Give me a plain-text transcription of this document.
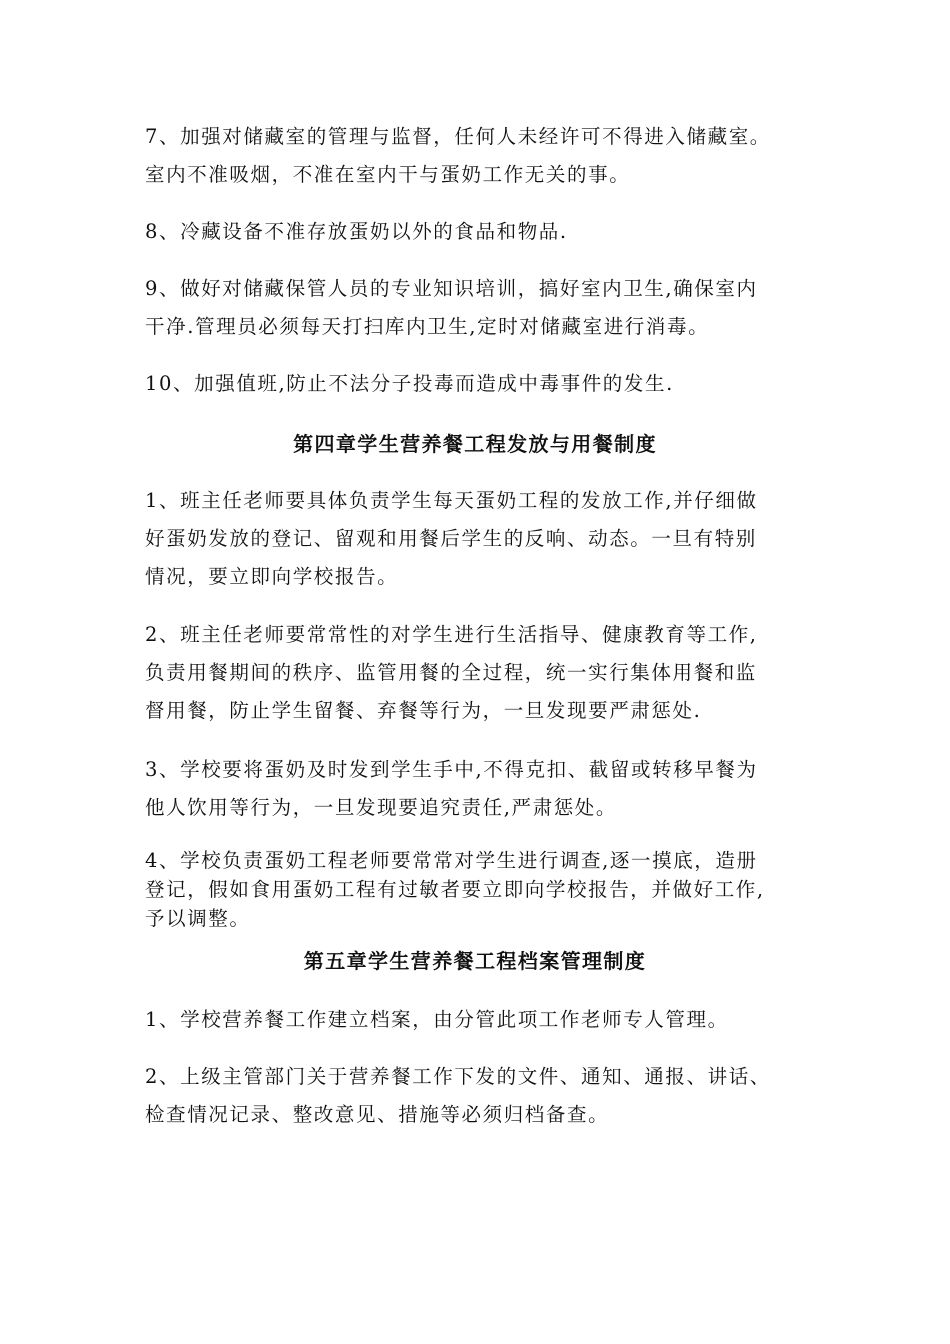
7、加强对储藏室的管理与监督，任何人未经许可不得进入储藏室。
室内不准吸烟，不准在室内干与蛋奶工作无关的事。
8、冷藏设备不准存放蛋奶以外的食品和物品.
9、做好对储藏保管人员的专业知识培训，搞好室内卫生,确保室内
干净.管理员必须每天打扫库内卫生,定时对储藏室进行消毒。
10、加强值班,防止不法分子投毒而造成中毒事件的发生.
第四章学生营养餐工程发放与用餐制度
1、班主任老师要具体负责学生每天蛋奶工程的发放工作,并仔细做
好蛋奶发放的登记、留观和用餐后学生的反响、动态。一旦有特别
情况，要立即向学校报告。
2、班主任老师要常常性的对学生进行生活指导、健康教育等工作,
负责用餐期间的秩序、监管用餐的全过程，统一实行集体用餐和监
督用餐，防止学生留餐、弃餐等行为，一旦发现要严肃惩处.
3、学校要将蛋奶及时发到学生手中,不得克扣、截留或转移早餐为
他人饮用等行为，一旦发现要追究责任,严肃惩处。
4、学校负责蛋奶工程老师要常常对学生进行调查,逐一摸底，造册
登记，假如食用蛋奶工程有过敏者要立即向学校报告，并做好工作,
予以调整。
第五章学生营养餐工程档案管理制度
1、学校营养餐工作建立档案，由分管此项工作老师专人管理。
2、上级主管部门关于营养餐工作下发的文件、通知、通报、讲话、
检查情况记录、整改意见、措施等必须归档备查。
